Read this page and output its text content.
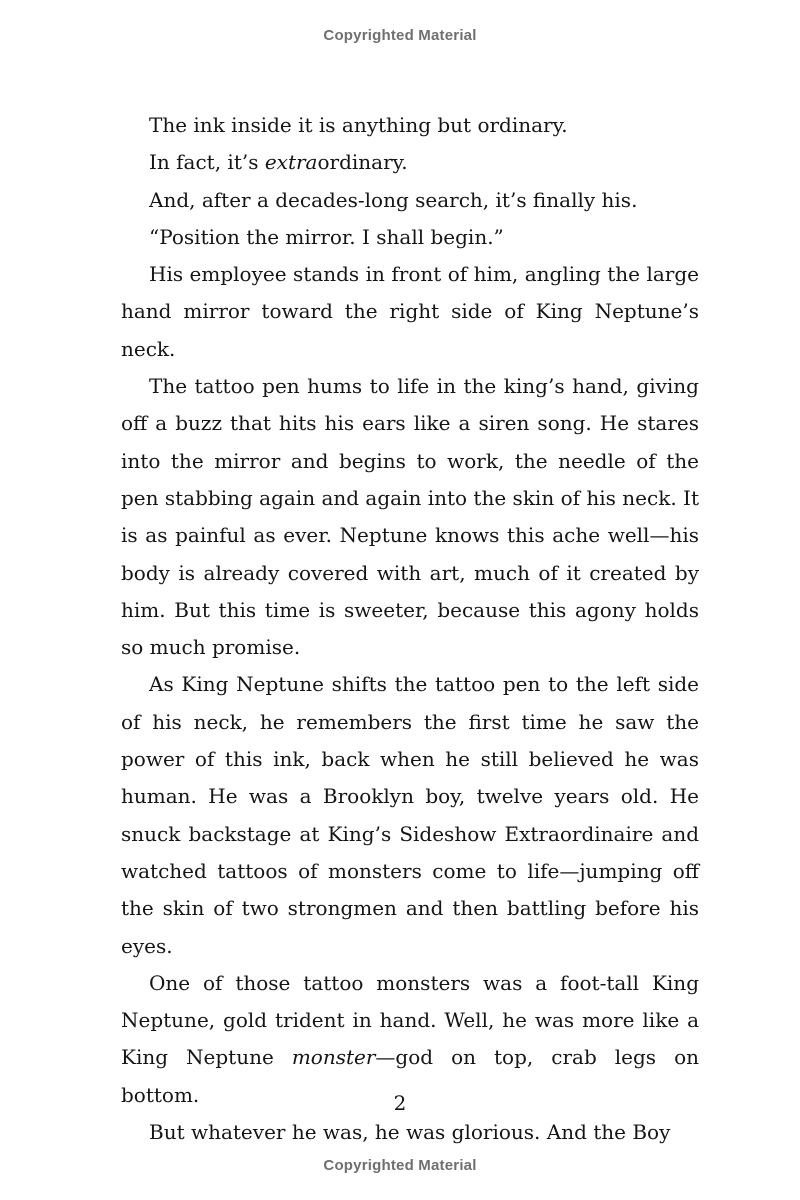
Copyrighted Material

The ink inside it is anything but ordinary.

In fact, it’s extraordinary.

And, after a decades-long search, it’s finally his.

“Position the mirror. I shall begin.”

His employee stands in front of him, angling the large hand mirror toward the right side of King Neptune’s neck.

The tattoo pen hums to life in the king’s hand, giving off a buzz that hits his ears like a siren song. He stares into the mirror and begins to work, the needle of the pen stabbing again and again into the skin of his neck. It is as painful as ever. Neptune knows this ache well—his body is already covered with art, much of it created by him. But this time is sweeter, because this agony holds so much promise.

As King Neptune shifts the tattoo pen to the left side of his neck, he remembers the first time he saw the power of this ink, back when he still believed he was human. He was a Brooklyn boy, twelve years old. He snuck backstage at King’s Sideshow Extraordinaire and watched tattoos of monsters come to life—jumping off the skin of two strongmen and then battling before his eyes.

One of those tattoo monsters was a foot-tall King Neptune, gold trident in hand. Well, he was more like a King Neptune monster—god on top, crab legs on bottom.

But whatever he was, he was glorious. And the Boy

2
Copyrighted Material
